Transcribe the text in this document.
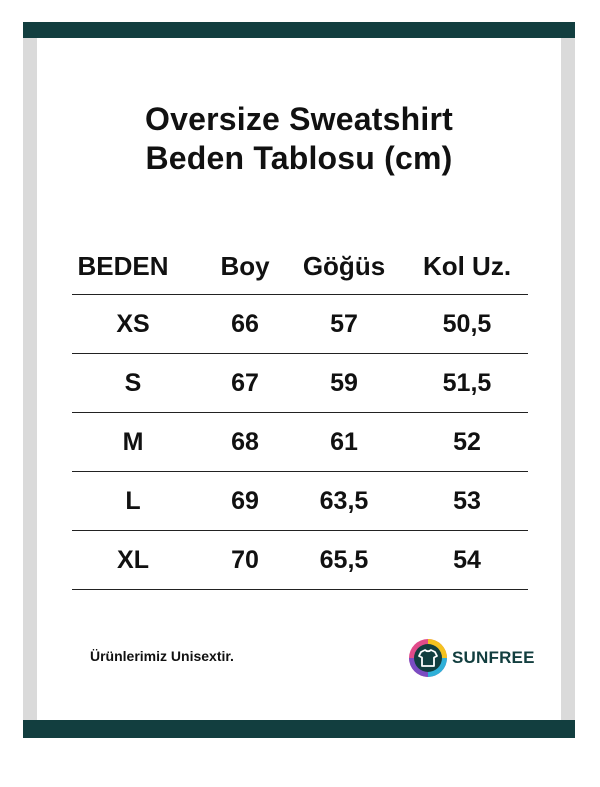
Oversize Sweatshirt
Beden Tablosu (cm)
BEDEN	Boy	Göğüs	Kol Uz.
XS	66	57	50,5
S	67	59	51,5
M	68	61	52
L	69	63,5	53
XL	70	65,5	54
Ürünlerimiz Unisextir.	SUNFREE
